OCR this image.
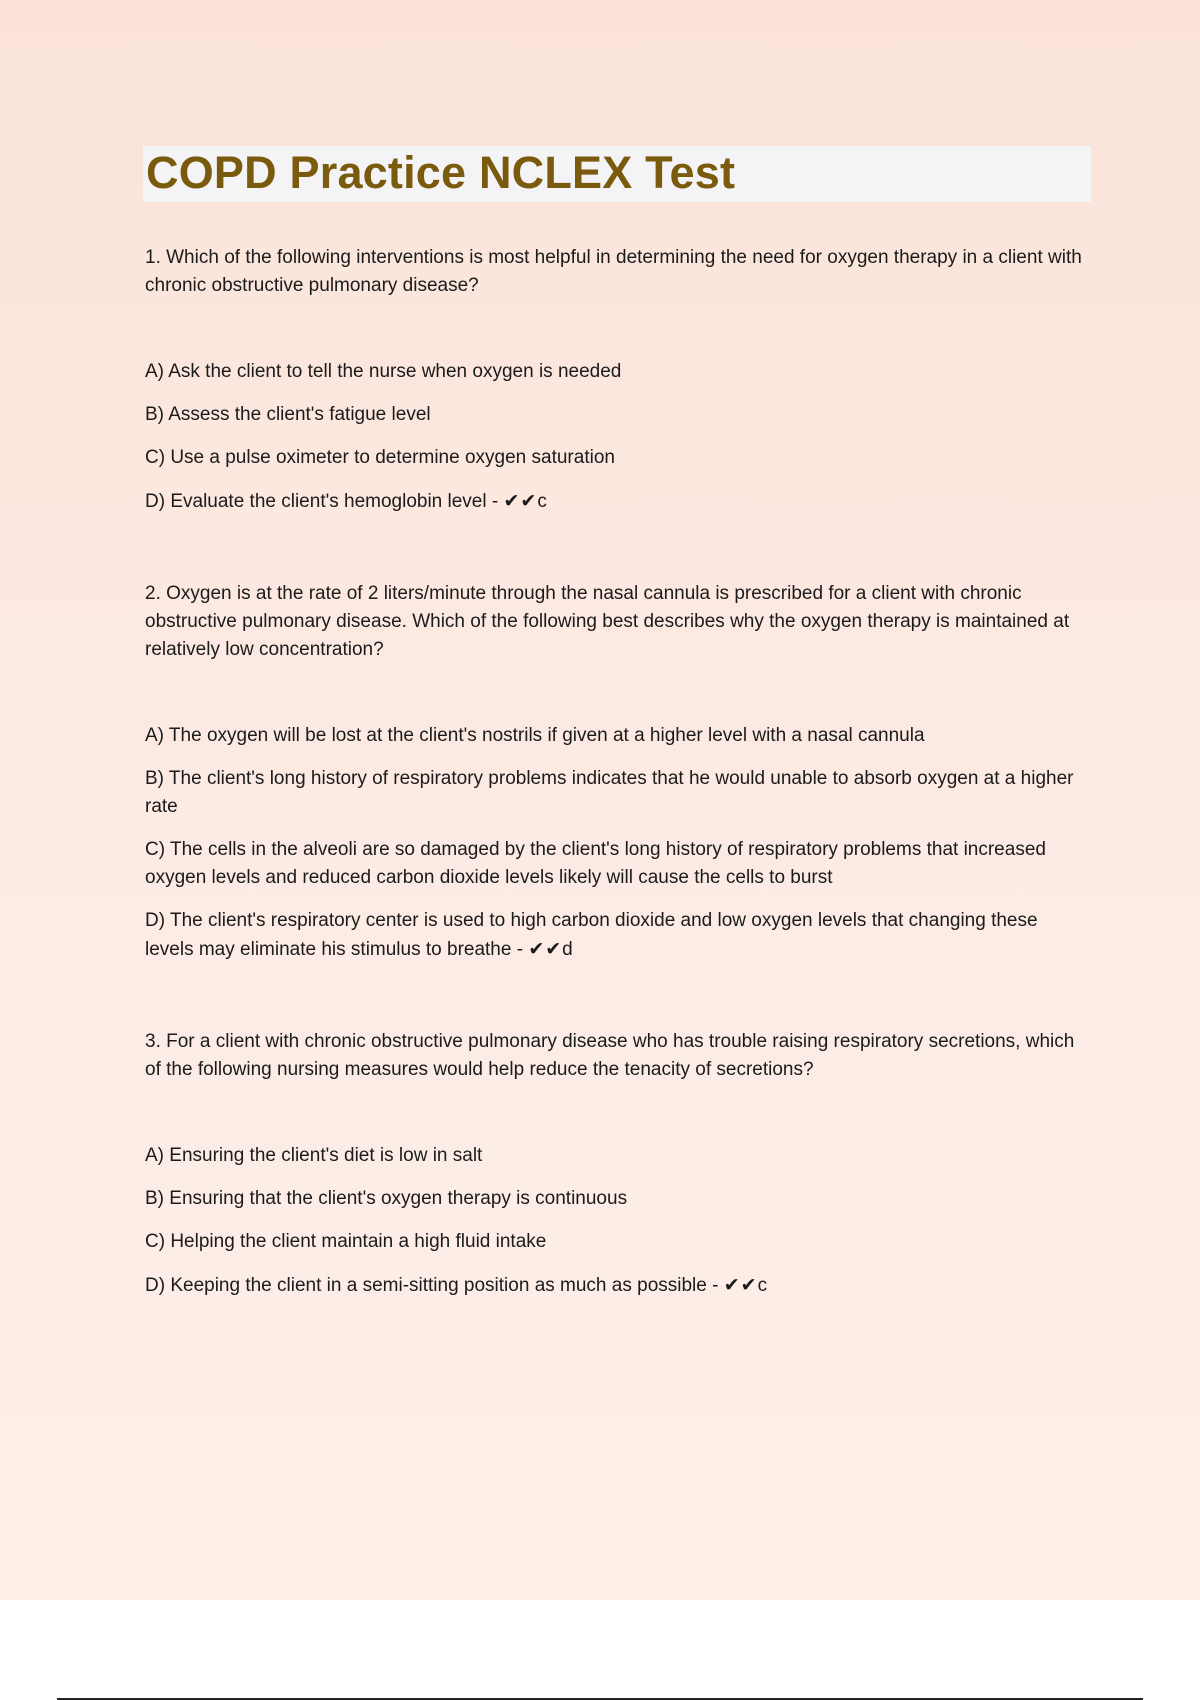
COPD Practice NCLEX Test

1. Which of the following interventions is most helpful in determining the need for oxygen therapy in a client with chronic obstructive pulmonary disease?

A) Ask the client to tell the nurse when oxygen is needed

B) Assess the client's fatigue level

C) Use a pulse oximeter to determine oxygen saturation

D) Evaluate the client's hemoglobin level - ✔✔c

2. Oxygen is at the rate of 2 liters/minute through the nasal cannula is prescribed for a client with chronic obstructive pulmonary disease. Which of the following best describes why the oxygen therapy is maintained at relatively low concentration?

A) The oxygen will be lost at the client's nostrils if given at a higher level with a nasal cannula

B) The client's long history of respiratory problems indicates that he would unable to absorb oxygen at a higher rate

C) The cells in the alveoli are so damaged by the client's long history of respiratory problems that increased oxygen levels and reduced carbon dioxide levels likely will cause the cells to burst

D) The client's respiratory center is used to high carbon dioxide and low oxygen levels that changing these levels may eliminate his stimulus to breathe - ✔✔d

3. For a client with chronic obstructive pulmonary disease who has trouble raising respiratory secretions, which of the following nursing measures would help reduce the tenacity of secretions?

A) Ensuring the client's diet is low in salt

B) Ensuring that the client's oxygen therapy is continuous

C) Helping the client maintain a high fluid intake

D) Keeping the client in a semi-sitting position as much as possible - ✔✔c
